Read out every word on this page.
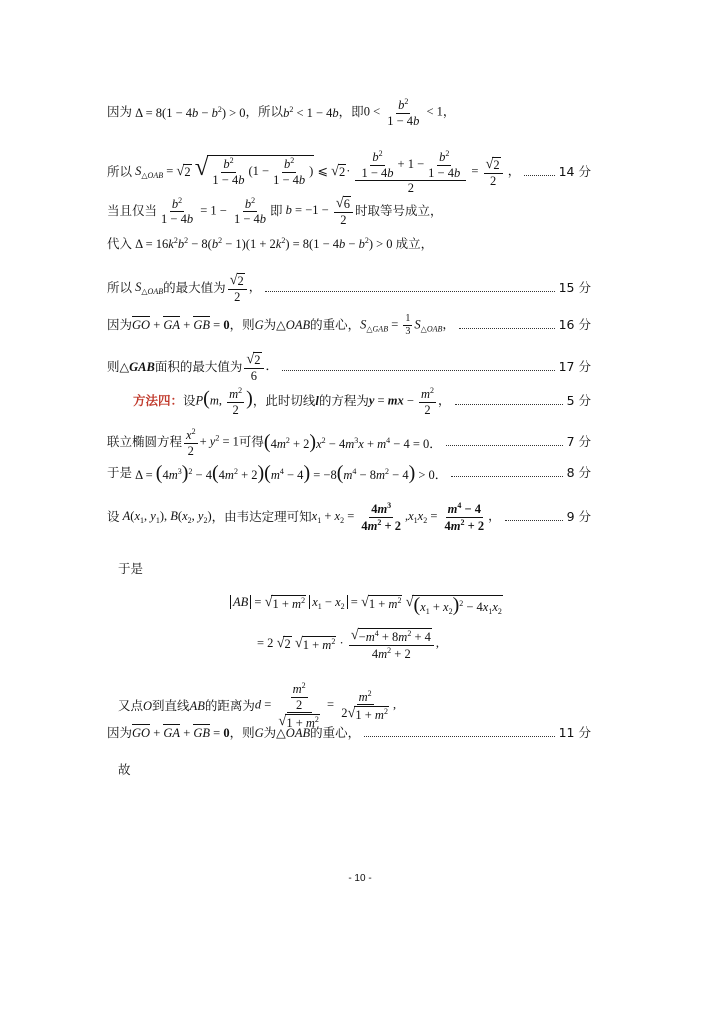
因为 $\Delta = 8(1 - 4b - b^2) > 0$ ，所以 $b^2 < 1 - 4b$ ，即 $0 < \frac{b^2}{1 - 4b} < 1$，
所以 $S_{\triangle OAB}$ = √ 2
√ $\frac{b^2}{1 - 4b} (1 - \frac{b^2}{1 - 4b}$ ) ⩽ √ $2 \cdot \frac{\frac{b^2}{1 - 4b} + 1 - \frac{b^2}{1 - 4b}}{2} = \frac{√ 2}{2}$ ，	14 分
当且仅当 $\frac{b^2}{1 - 4b} = 1 - \frac{b^2}{1 - 4b}$ 即 $b = -1 - \frac{√ 6}{2}$ 时取等号成立，
代入 $\Delta = 16k^2b^2 - 8(b^2 - 1)(1 + 2k^2) = 8(1 - 4b - b^2) > 0$ 成立，
所以 $S_{\triangle OAB}$ 的最大值为 $\frac{√ 2}{2}$ ，	15 分
因为 GO + GA + GB = 0 ，则 G 为 △OAB 的重心， $S_{\triangle GAB} = \frac{1}{3} S_{\triangle OAB}$，	16 分
则 △GAB 面积的最大值为 $\frac{√ 2}{6}$ ．	17 分
方法四： 设 P(m, $\frac{m^2}{2}$ ) ，此时切线 l 的方程为 y = mx − $\frac{m^2}{2}$ ，	5 分
联立椭圆方程 $\frac{x^2}{2} + y^2 = 1$ 可得 $(4m^2 + 2)x^2 - 4m^3x + m^4 - 4 = 0$．	7 分
于是 $\Delta = (4m^3)^2 - 4(4m^2 + 2)(m^4 - 4) = -8(m^4 - 8m^2 - 4) > 0$．	8 分
设 $A(x_1$, $y_1$), $B(x_2$, $y_2$) ，由韦达定理可知 $x_1 + x_2 = \frac{4m^3}{4m^2 + 2} ,x_1x_2 = \frac{m^4 - 4}{4m^2 + 2}$ ，	9 分
于是
AB = √ $1 + m^2$ $x_1 - x_2$ = √ $1 + m^2$
√ $(x_1 + x_2)^2 - 4x_1x_2$
= 2 √ 2
√ $1 + m^2 \cdot \frac{√ -m^4 + 8m^2 + 4}{4m^2 + 2}$ ,
又点 O 到直线 AB 的距离为 $d = \frac{\frac{m^2}{2}}{√ 1 + m^2} = \frac{m^2}{2 √ 1 + m^2}$ ,
因为 GO + GA + GB = 0 ，则 G 为 △OAB 的重心，	11 分
故
- 10 -
